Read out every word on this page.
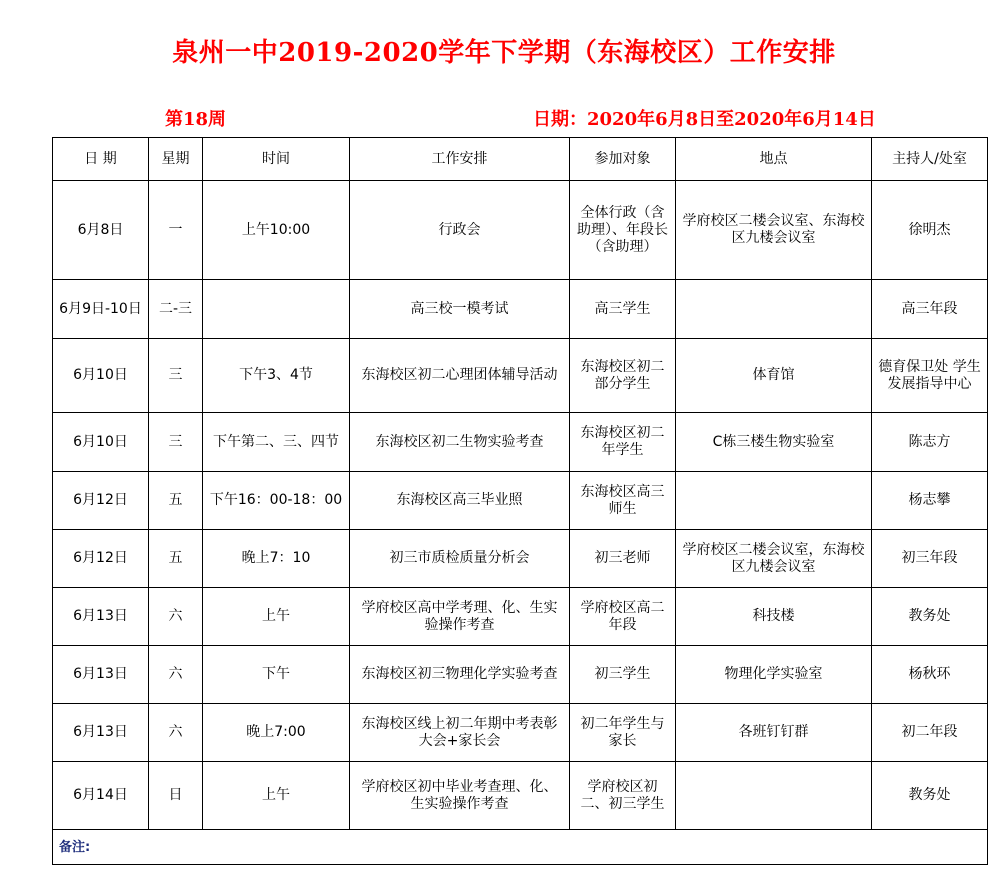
泉州一中2019-2020学年下学期（东海校区）工作安排
第18周	日期：2020年6月8日至2020年6月14日
日 期	星期	时间	工作安排	参加对象	地点	主持人/处室
6月8日	一	上午10:00	行政会	全体行政（含助理）、年段长（含助理）	学府校区二楼会议室、东海校区九楼会议室	徐明杰
6月9日-10日	二-三		高三校一模考试	高三学生		高三年段
6月10日	三	下午3、4节	东海校区初二心理团体辅导活动	东海校区初二部分学生	体育馆	德育保卫处 学生发展指导中心
6月10日	三	下午第二、三、四节	东海校区初二生物实验考查	东海校区初二年学生	C栋三楼生物实验室	陈志方
6月12日	五	下午16：00-18：00	东海校区高三毕业照	东海校区高三师生		杨志攀
6月12日	五	晚上7：10	初三市质检质量分析会	初三老师	学府校区二楼会议室，东海校区九楼会议室	初三年段
6月13日	六	上午	学府校区高中学考理、化、生实验操作考查	学府校区高二年段	科技楼	教务处
6月13日	六	下午	东海校区初三物理化学实验考查	初三学生	物理化学实验室	杨秋环
6月13日	六	晚上7:00	东海校区线上初二年期中考表彰大会+家长会	初二年学生与家长	各班钉钉群	初二年段
6月14日	日	上午	学府校区初中毕业考查理、化、生实验操作考查	学府校区初二、初三学生		教务处
备注:						
